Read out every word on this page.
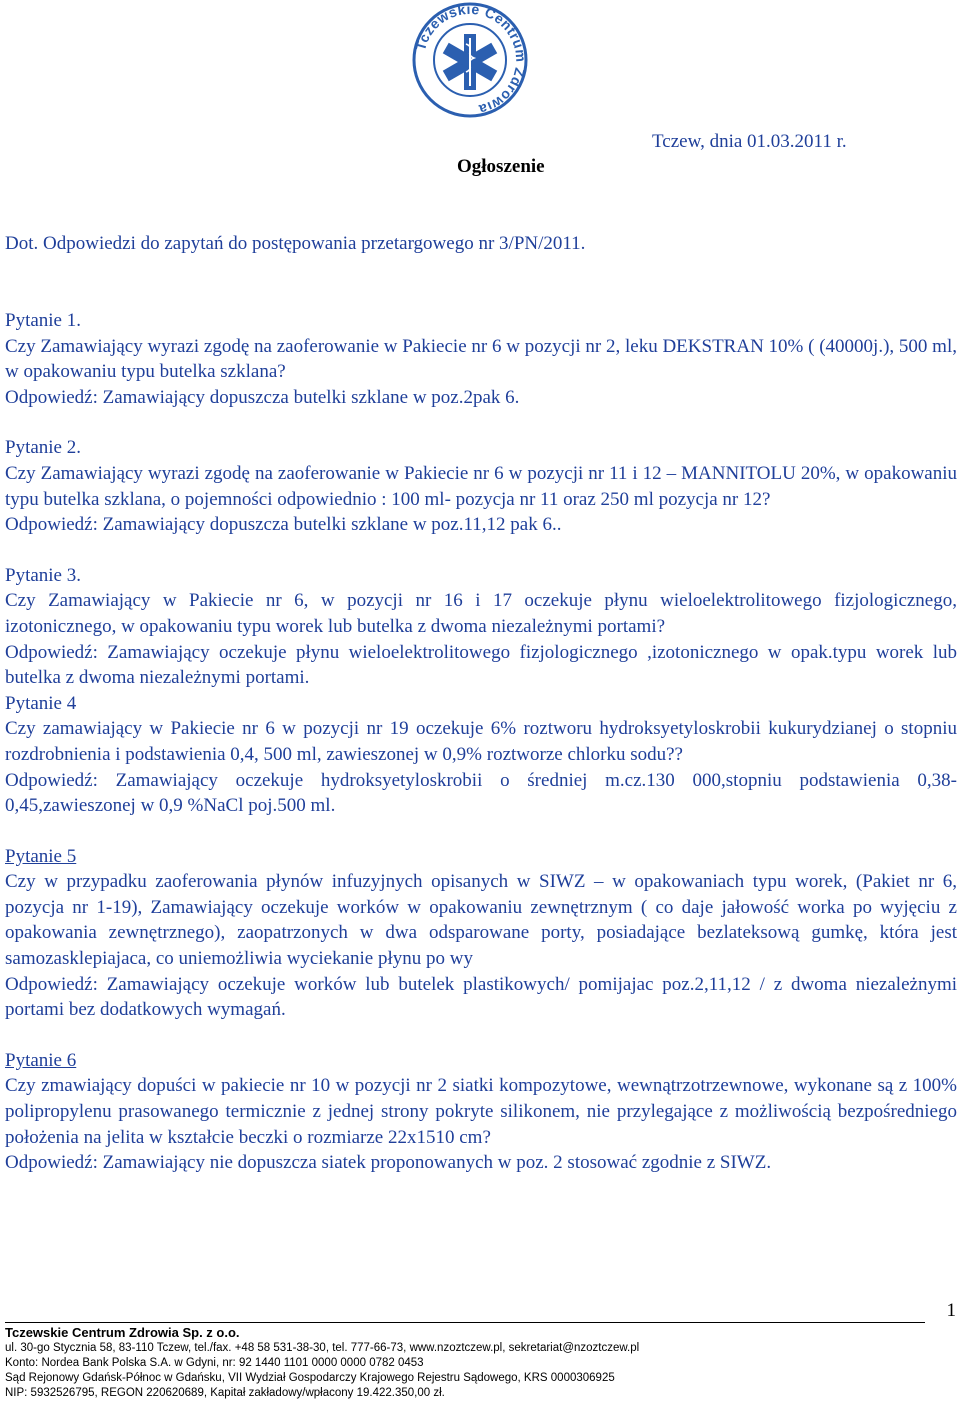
Tczewskie Centrum Zdrowia
Ogłoszenie
Tczew, dnia 01.03.2011 r.
Dot. Odpowiedzi do zapytań do postępowania przetargowego nr 3/PN/2011.

Pytanie 1.

Czy Zamawiający wyrazi zgodę na zaoferowanie w Pakiecie nr 6 w pozycji nr 2, leku DEKSTRAN 10% ( (40000j.), 500 ml, w opakowaniu typu butelka szklana?

Odpowiedź: Zamawiający dopuszcza butelki szklane w poz.2pak 6.

Pytanie 2.

Czy Zamawiający wyrazi zgodę na zaoferowanie w Pakiecie nr 6 w pozycji nr 11 i 12 – MANNITOLU 20%, w opakowaniu typu butelka szklana, o pojemności odpowiednio : 100 ml- pozycja nr 11 oraz 250 ml pozycja nr 12?

Odpowiedź: Zamawiający dopuszcza butelki szklane w poz.11,12 pak 6..

Pytanie 3.

Czy Zamawiający w Pakiecie nr 6, w pozycji nr 16 i 17 oczekuje płynu wieloelektrolitowego fizjologicznego, izotonicznego, w opakowaniu typu worek lub butelka z dwoma niezależnymi portami?

Odpowiedź: Zamawiający oczekuje płynu wieloelektrolitowego fizjologicznego ,izotonicznego w opak.typu worek lub butelka z dwoma niezależnymi portami.

Pytanie 4

Czy zamawiający w Pakiecie nr 6 w pozycji nr 19 oczekuje 6% roztworu hydroksyetyloskrobii kukurydzianej o stopniu rozdrobnienia i podstawienia 0,4, 500 ml, zawieszonej w 0,9% roztworze chlorku sodu??

Odpowiedź: Zamawiający oczekuje hydroksyetyloskrobii o średniej m.cz.130 000,stopniu podstawienia 0,38-0,45,zawieszonej w 0,9 %NaCl poj.500 ml.

Pytanie 5

Czy w przypadku zaoferowania płynów infuzyjnych opisanych w SIWZ – w opakowaniach typu worek, (Pakiet nr 6, pozycja nr 1-19), Zamawiający oczekuje worków w opakowaniu zewnętrznym ( co daje jałowość worka po wyjęciu z opakowania zewnętrznego), zaopatrzonych w dwa odsparowane porty, posiadające bezlateksową gumkę, która jest samozasklepiajaca, co uniemożliwia wyciekanie płynu po wy

Odpowiedź: Zamawiający oczekuje worków lub butelek plastikowych/ pomijajac poz.2,11,12 / z dwoma niezależnymi portami bez dodatkowych wymagań.

Pytanie 6

Czy zmawiający dopuści w pakiecie nr 10 w pozycji nr 2 siatki kompozytowe, wewnątrzotrzewnowe, wykonane są z 100% polipropylenu prasowanego termicznie z jednej strony pokryte silikonem, nie przylegające z możliwością bezpośredniego położenia na jelita w kształcie beczki o rozmiarze 22x1510 cm?

Odpowiedź: Zamawiający nie dopuszcza siatek proponowanych w poz. 2 stosować zgodnie z SIWZ.

1
Tczewskie Centrum Zdrowia Sp. z o.o.
ul. 30-go Stycznia 58, 83-110 Tczew, tel./fax. +48 58 531-38-30, tel. 777-66-73, www.nzoztczew.pl, sekretariat@nzoztczew.pl
Konto: Nordea Bank Polska S.A. w Gdyni, nr: 92 1440 1101 0000 0000 0782 0453
Sąd Rejonowy Gdańsk-Północ w Gdańsku, VII Wydział Gospodarczy Krajowego Rejestru Sądowego, KRS 0000306925
NIP: 5932526795, REGON 220620689, Kapitał zakładowy/wpłacony 19.422.350,00 zł.
